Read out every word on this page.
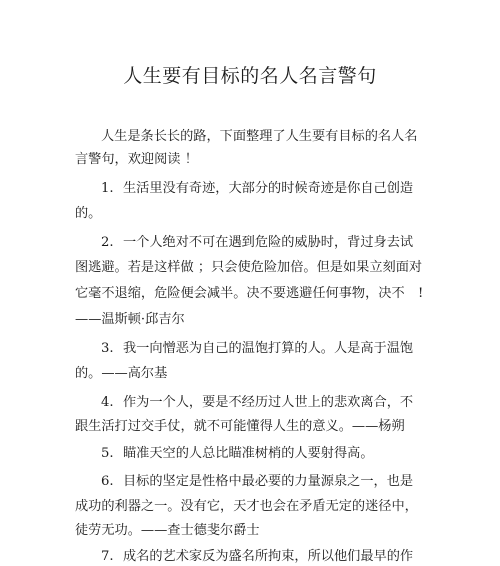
人生要有目标的名人名言警句
人生是条长长的路，下面整理了人生要有目标的名人名
言警句，欢迎阅读 ！
1. 生活里没有奇迹，大部分的时候奇迹是你自己创造
的。
2. 一个人绝对不可在遇到危险的威胁时，背过身去试
图逃避。若是这样做 ；只会使危险加倍。但是如果立刻面对
它毫不退缩，危险便会减半。决不要逃避任何事物，决不 !
——温斯顿·邱吉尔
3. 我一向憎恶为自己的温饱打算的人。人是高于温饱
的。——高尔基
4. 作为一个人，要是不经历过人世上的悲欢离合，不
跟生活打过交手仗，就不可能懂得人生的意义。——杨朔
5. 瞄准天空的人总比瞄准树梢的人要射得高。
6. 目标的坚定是性格中最必要的力量源泉之一，也是
成功的利器之一。没有它，天才也会在矛盾无定的迷径中，
徒劳无功。——查士德斐尔爵士
7. 成名的艺术家反为盛名所拘束，所以他们最早的作
